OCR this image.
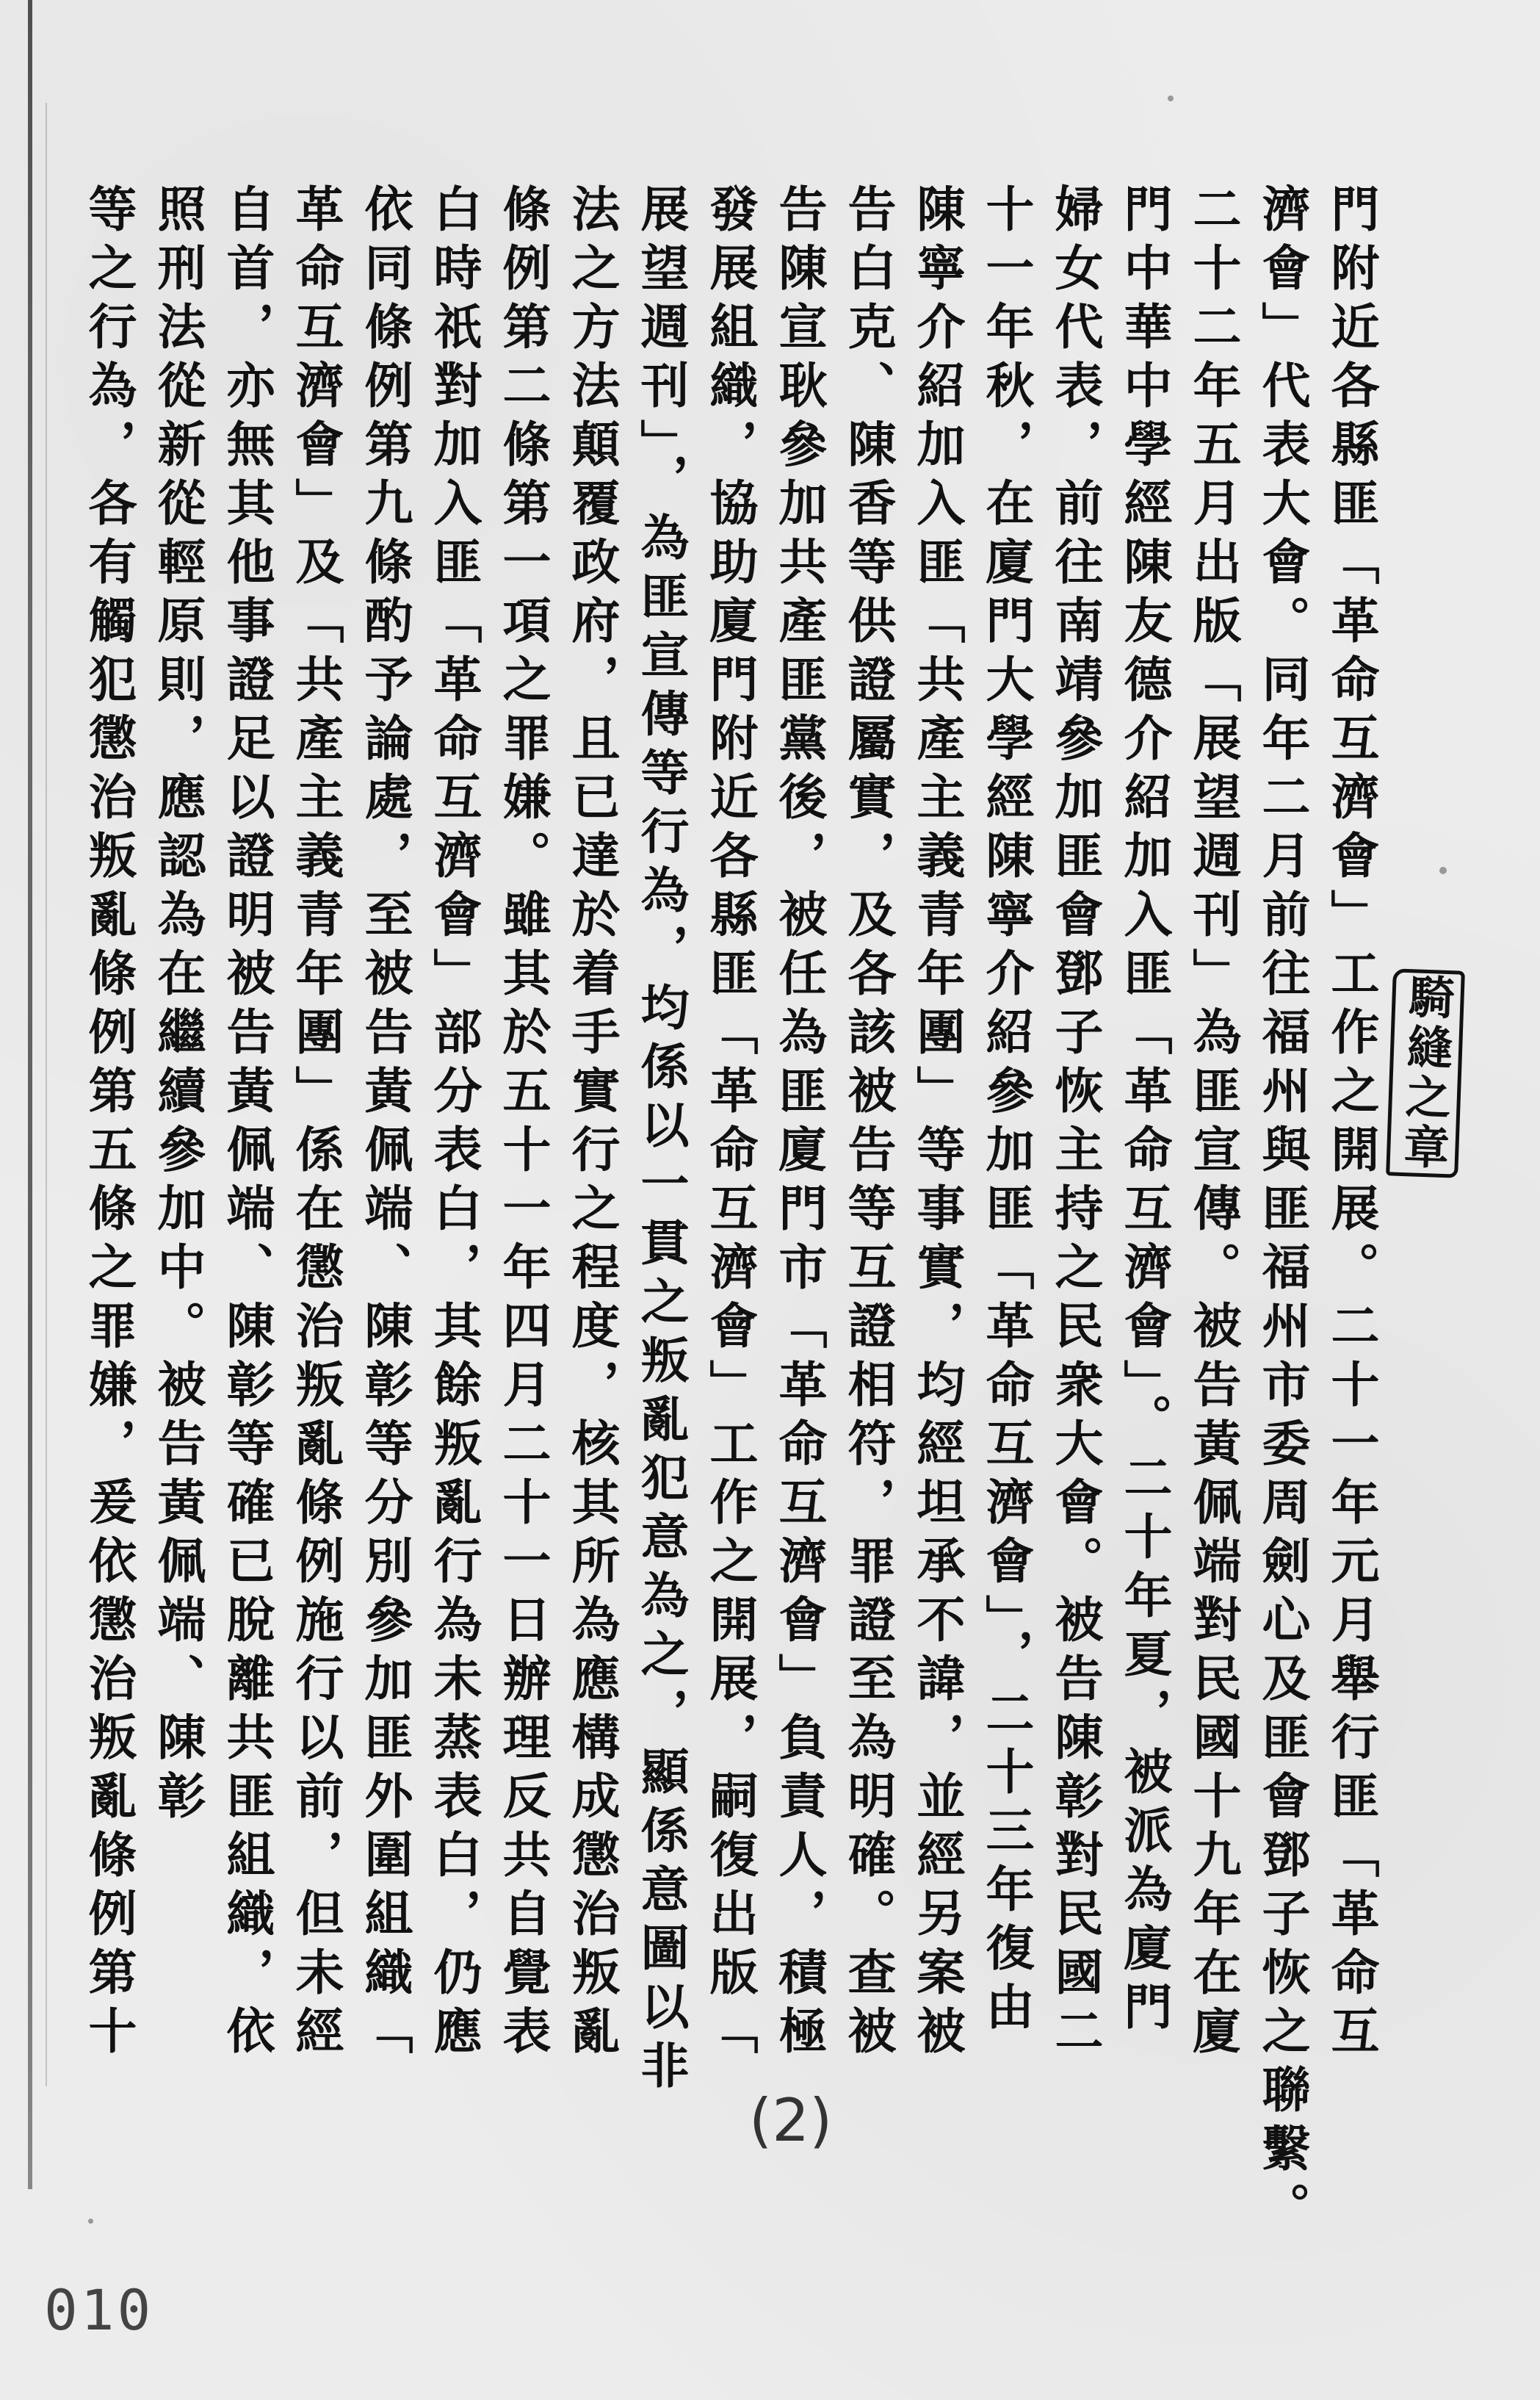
門附近各縣匪「革命互濟會」工作之開展。二十一年元月舉行匪「革命互
濟會」代表大會。同年二月前往福州與匪福州市委周劍心及匪會鄧子恢之聯繫。
二十二年五月出版「展望週刊」為匪宣傳。被告黃佩端對民國十九年在廈
門中華中學經陳友德介紹加入匪「革命互濟會」。二十年夏，被派為廈門
婦女代表，前往南靖參加匪會鄧子恢主持之民衆大會。被告陳彰對民國二
十一年秋，在廈門大學經陳寧介紹參加匪「革命互濟會」，二十三年復由
陳寧介紹加入匪「共產主義青年團」等事實，均經坦承不諱，並經另案被
告白克、陳香等供證屬實，及各該被告等互證相符，罪證至為明確。查被
告陳宣耿參加共產匪黨後，被任為匪廈門市「革命互濟會」負責人，積極
發展組織，協助廈門附近各縣匪「革命互濟會」工作之開展，嗣復出版「
展望週刊」，為匪宣傳等行為，均係以一貫之叛亂犯意為之，顯係意圖以非
法之方法顛覆政府，且已達於着手實行之程度，核其所為應構成懲治叛亂
條例第二條第一項之罪嫌。雖其於五十一年四月二十一日辦理反共自覺表
白時祇對加入匪「革命互濟會」部分表白，其餘叛亂行為未蒸表白，仍應
依同條例第九條酌予論處，至被告黃佩端、陳彰等分別參加匪外圍組織「
革命互濟會」及「共產主義青年團」係在懲治叛亂條例施行以前，但未經
自首，亦無其他事證足以證明被告黃佩端、陳彰等確已脫離共匪組織，依
照刑法從新從輕原則，應認為在繼續參加中。被告黃佩端、陳彰
等之行為，各有觸犯懲治叛亂條例第五條之罪嫌，爰依懲治叛亂條例第十	騎縫之章
(2)
010
